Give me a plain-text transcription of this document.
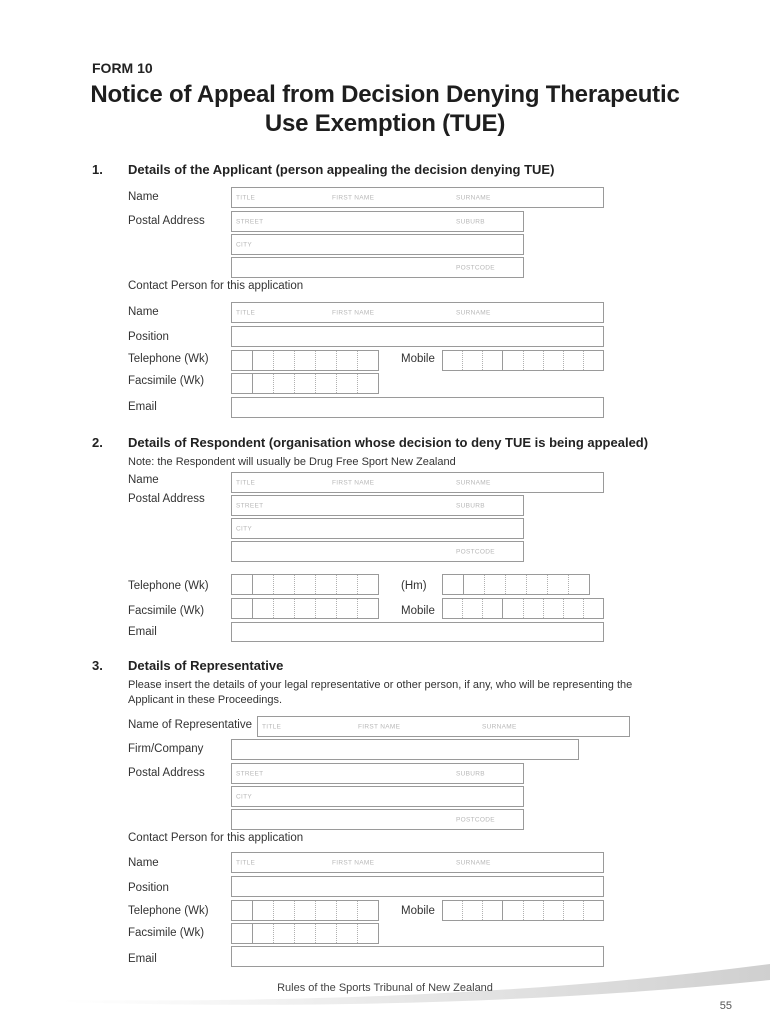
FORM 10
Notice of Appeal from Decision Denying Therapeutic
Use Exemption (TUE)
1. Details of the Applicant (person appealing the decision denying TUE)
Name	TITLE	FIRST NAME	SURNAME
Postal Address	STREET	SUBURB
CITY
POSTCODE
Contact Person for this application
Name	TITLE	FIRST NAME	SURNAME
Position
Telephone (Wk)	Mobile
Facsimile (Wk)
Email
2. Details of Respondent (organisation whose decision to deny TUE is being appealed)
Note: the Respondent will usually be Drug Free Sport New Zealand
Name	TITLE	FIRST NAME	SURNAME
Postal Address
STREET	SUBURB
CITY
POSTCODE
Telephone (Wk)	(Hm)
Facsimile (Wk)	Mobile
Email
3. Details of Representative
Please insert the details of your legal representative or other person, if any, who will be representing the
Applicant in these Proceedings.
Name of Representative TITLE	FIRST NAME	SURNAME
Firm/Company
Postal Address	STREET	SUBURB
CITY
POSTCODE
Contact Person for this application
Name	TITLE	FIRST NAME	SURNAME
Position
Telephone (Wk)	Mobile
Facsimile (Wk)
Email
Rules of the Sports Tribunal of New Zealand
55
